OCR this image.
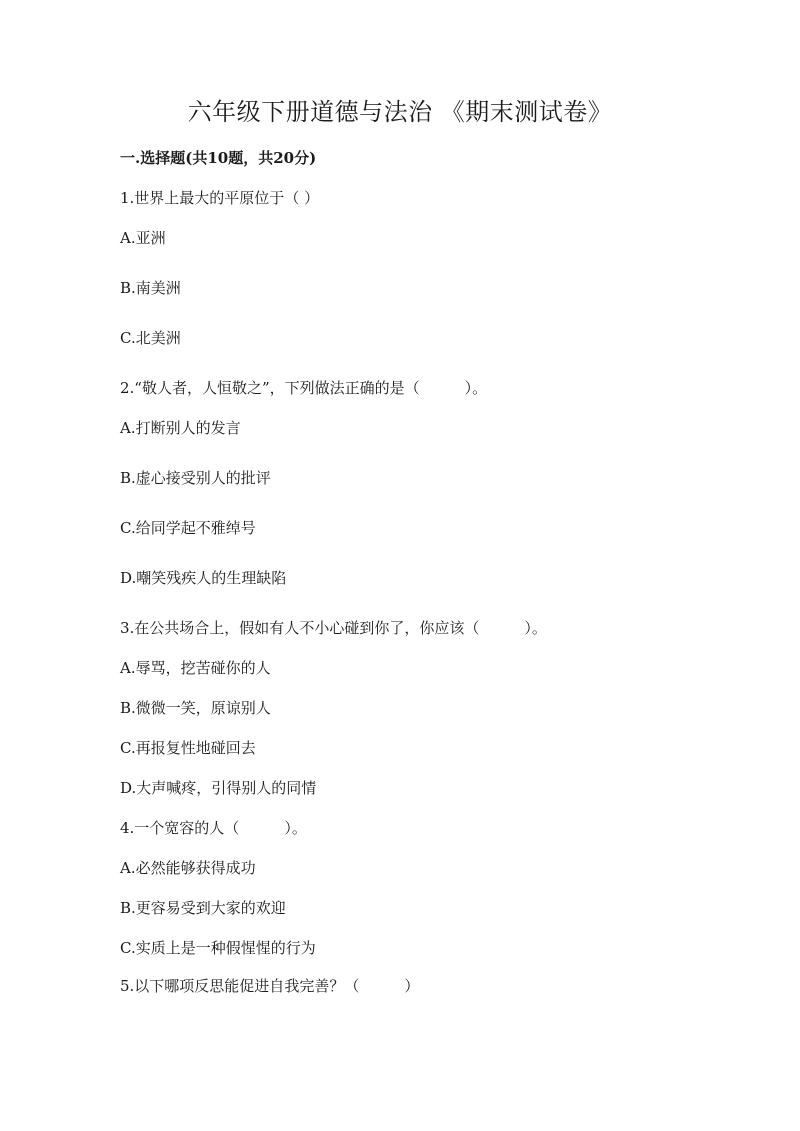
六年级下册道德与法治 《期末测试卷》
一.选择题(共10题，共20分)
1.世界上最大的平原位于（ ）
A.亚洲
B.南美洲
C.北美洲
2.“敬人者，人恒敬之”，下列做法正确的是（　　　）。
A.打断别人的发言
B.虚心接受别人的批评
C.给同学起不雅绰号
D.嘲笑残疾人的生理缺陷
3.在公共场合上，假如有人不小心碰到你了，你应该（　　　）。
A.辱骂，挖苦碰你的人
B.微微一笑，原谅别人
C.再报复性地碰回去
D.大声喊疼，引得别人的同情
4.一个宽容的人（　　　）。
A.必然能够获得成功
B.更容易受到大家的欢迎
C.实质上是一种假惺惺的行为
5.以下哪项反思能促进自我完善？（　　　）
